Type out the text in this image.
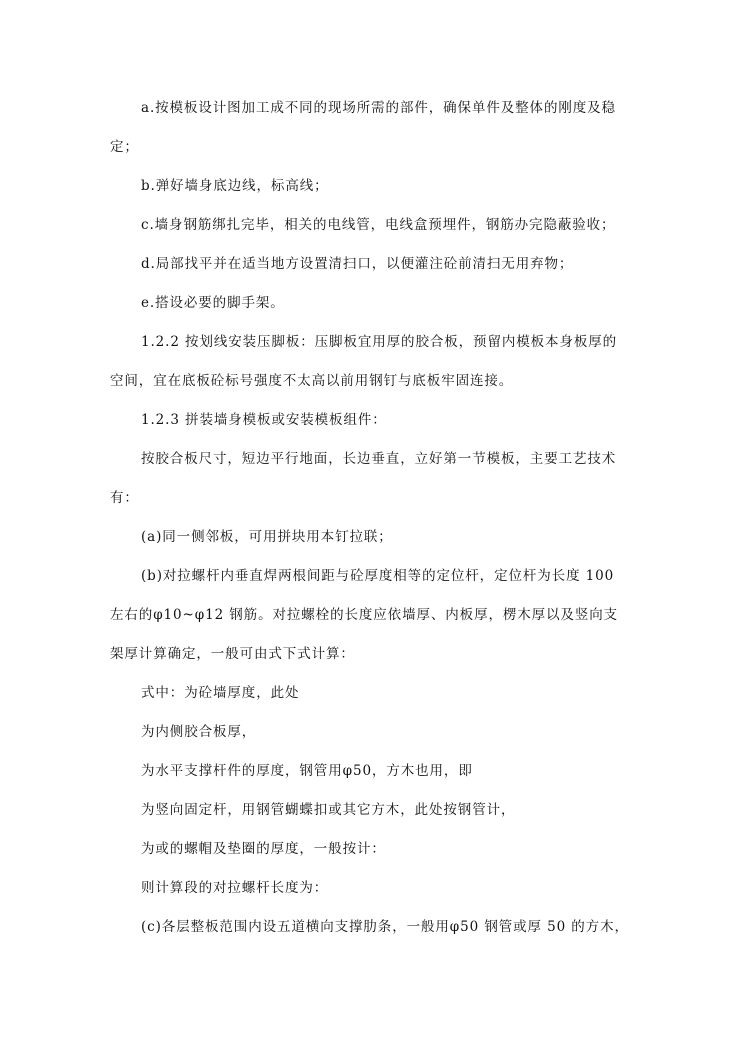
a.按模板设计图加工成不同的现场所需的部件，确保单件及整体的刚度及稳
定；
b.弹好墙身底边线，标高线；
c.墙身钢筋绑扎完毕，相关的电线管，电线盒预埋件，钢筋办完隐蔽验收；
d.局部找平并在适当地方设置清扫口，以便灌注砼前清扫无用弃物；
e.搭设必要的脚手架。
1.2.2 按划线安装压脚板：压脚板宜用厚的胶合板，预留内模板本身板厚的
空间，宜在底板砼标号强度不太高以前用钢钉与底板牢固连接。
1.2.3 拼装墙身模板或安装模板组件：
按胶合板尺寸，短边平行地面，长边垂直，立好第一节模板，主要工艺技术
有：
(a)同一侧邻板，可用拼块用本钉拉联；
(b)对拉螺杆内垂直焊两根间距与砼厚度相等的定位杆，定位杆为长度 100
左右的φ10~φ12 钢筋。对拉螺栓的长度应依墙厚、内板厚，楞木厚以及竖向支
架厚计算确定，一般可由式下式计算：
式中：为砼墙厚度，此处
为内侧胶合板厚，
为水平支撑杆件的厚度，钢管用φ50，方木也用，即
为竖向固定杆，用钢管蝴蝶扣或其它方木，此处按钢管计，
为或的螺帽及垫圈的厚度，一般按计：
则计算段的对拉螺杆长度为：
(c)各层整板范围内设五道横向支撑肋条，一般用φ50 钢管或厚 50 的方木，
